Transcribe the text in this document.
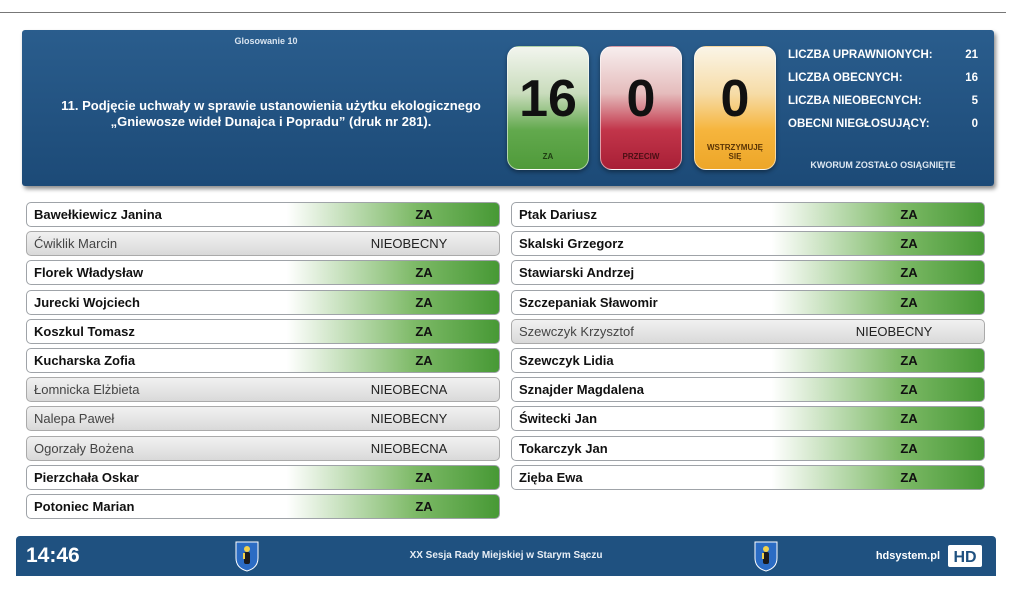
Glosowanie 10
11. Podjęcie uchwały w sprawie ustanowienia użytku ekologicznego
„Gniewosze wideł Dunajca i Popradu” (druk nr 281).	16
ZA
0
PRZECIW
0
WSTRZYMUJĘ
SIĘ
LICZBA UPRAWNIONYCH:	21
LICZBA OBECNYCH:	16
LICZBA NIEOBECNYCH:	5
OBECNI NIEGŁOSUJĄCY:	0
KWORUM ZOSTAŁO OSIĄGNIĘTE
Bawełkiewicz Janina	ZA
Ćwiklik Marcin	NIEOBECNY
Florek Władysław	ZA
Jurecki Wojciech	ZA
Koszkul Tomasz	ZA
Kucharska Zofia	ZA
Łomnicka Elżbieta	NIEOBECNA
Nalepa Paweł	NIEOBECNY
Ogorzały Bożena	NIEOBECNA
Pierzchała Oskar	ZA
Potoniec Marian	ZA
Ptak Dariusz	ZA
Skalski Grzegorz	ZA
Stawiarski Andrzej	ZA
Szczepaniak Sławomir	ZA
Szewczyk Krzysztof	NIEOBECNY
Szewczyk Lidia	ZA
Sznajder Magdalena	ZA
Świtecki Jan	ZA
Tokarczyk Jan	ZA
Zięba Ewa	ZA
14:46	XX Sesja Rady Miejskiej w Starym Sączu	hdsystem.pl HD
